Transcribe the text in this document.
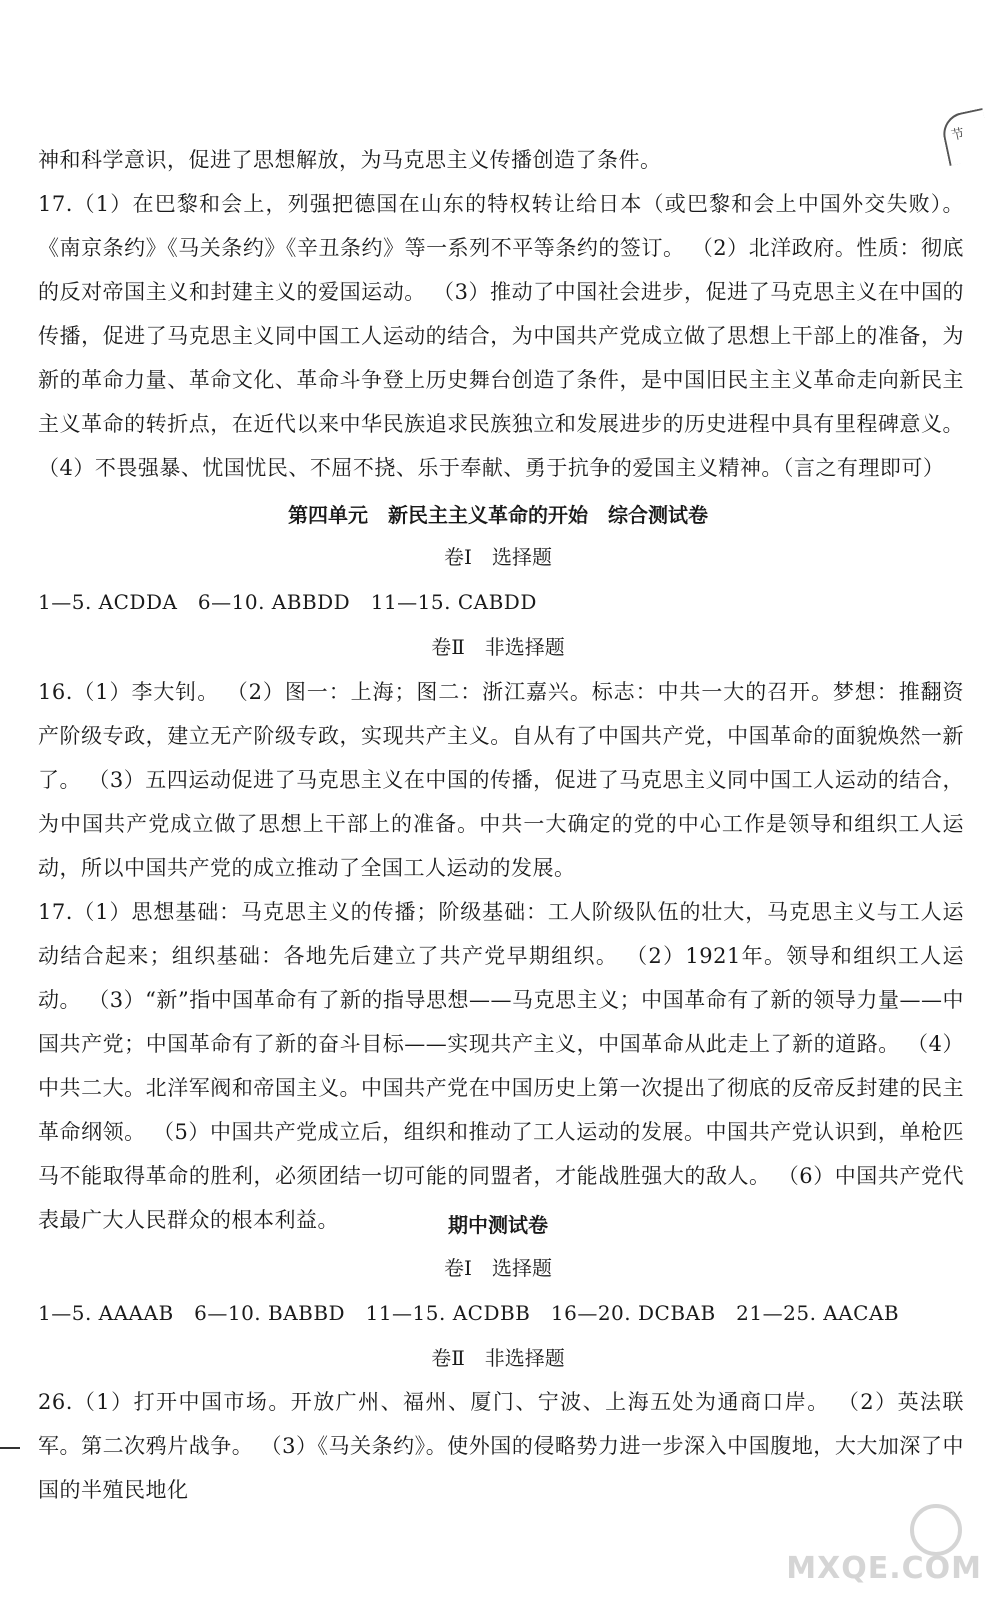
节
神和科学意识，促进了思想解放，为马克思主义传播创造了条件。
17.（1）在巴黎和会上，列强把德国在山东的特权转让给日本（或巴黎和会上中国外交失败）。《南京条约》《马关条约》《辛丑条约》等一系列不平等条约的签订。 （2）北洋政府。性质：彻底的反对帝国主义和封建主义的爱国运动。 （3）推动了中国社会进步，促进了马克思主义在中国的传播，促进了马克思主义同中国工人运动的结合，为中国共产党成立做了思想上干部上的准备，为新的革命力量、革命文化、革命斗争登上历史舞台创造了条件，是中国旧民主主义革命走向新民主主义革命的转折点，在近代以来中华民族追求民族独立和发展进步的历史进程中具有里程碑意义。 （4）不畏强暴、忧国忧民、不屈不挠、乐于奉献、勇于抗争的爱国主义精神。（言之有理即可）
第四单元　新民主主义革命的开始　综合测试卷
卷Ⅰ　选择题
1—5. ACDDA　6—10. ABBDD　11—15. CABDD
卷Ⅱ　非选择题
16.（1）李大钊。 （2）图一：上海；图二：浙江嘉兴。标志：中共一大的召开。梦想：推翻资产阶级专政，建立无产阶级专政，实现共产主义。自从有了中国共产党，中国革命的面貌焕然一新了。 （3）五四运动促进了马克思主义在中国的传播，促进了马克思主义同中国工人运动的结合，为中国共产党成立做了思想上干部上的准备。中共一大确定的党的中心工作是领导和组织工人运动，所以中国共产党的成立推动了全国工人运动的发展。
17.（1）思想基础：马克思主义的传播；阶级基础：工人阶级队伍的壮大，马克思主义与工人运动结合起来；组织基础：各地先后建立了共产党早期组织。 （2）1921年。领导和组织工人运动。 （3）“新”指中国革命有了新的指导思想——马克思主义；中国革命有了新的领导力量——中国共产党；中国革命有了新的奋斗目标——实现共产主义，中国革命从此走上了新的道路。 （4）中共二大。北洋军阀和帝国主义。中国共产党在中国历史上第一次提出了彻底的反帝反封建的民主革命纲领。 （5）中国共产党成立后，组织和推动了工人运动的发展。中国共产党认识到，单枪匹马不能取得革命的胜利，必须团结一切可能的同盟者，才能战胜强大的敌人。 （6）中国共产党代表最广大人民群众的根本利益。	期中测试卷
卷Ⅰ　选择题
1—5. AAAAB　6—10. BABBD　11—15. ACDBB　16—20. DCBAB　21—25. AACAB
卷Ⅱ　非选择题
26.（1）打开中国市场。开放广州、福州、厦门、宁波、上海五处为通商口岸。 （2）英法联军。第二次鸦片战争。 （3）《马关条约》。使外国的侵略势力进一步深入中国腹地，大大加深了中国的半殖民地化
MXQE.COM
